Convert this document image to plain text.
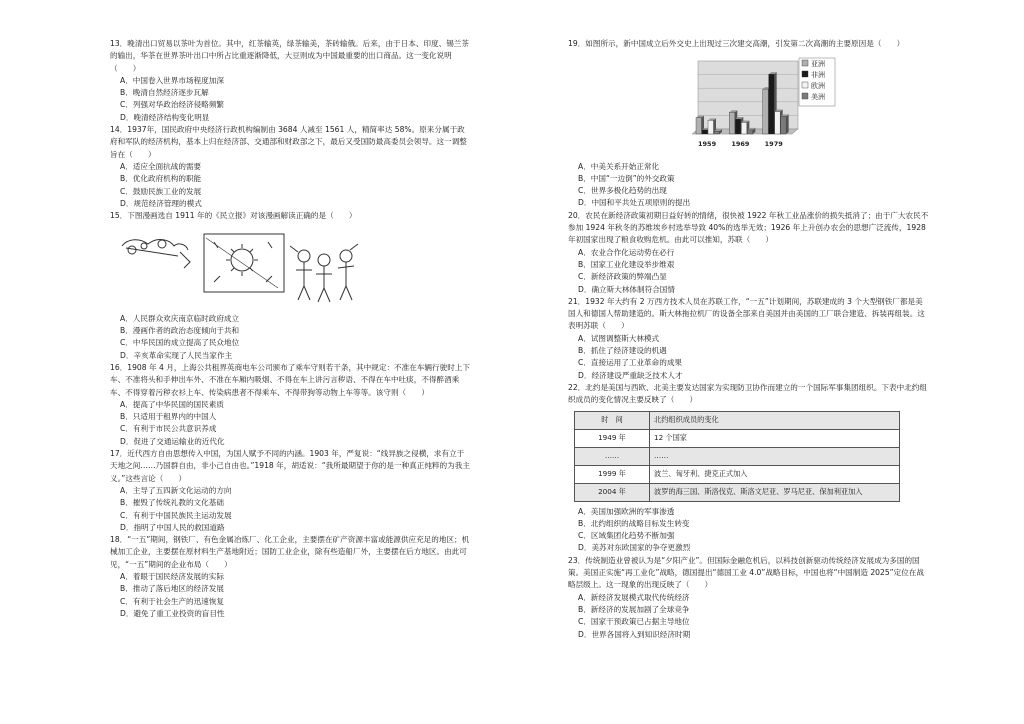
13．晚清出口贸易以茶叶为首位。其中，红茶输英，绿茶输美，茶砖输俄。后来，由于日本、印度、锡兰茶的输出，华茶在世界茶叶出口中所占比重逐渐降低，大豆则成为中国最重要的出口商品。这一变化说明（　　）

A．中国卷入世界市场程度加深

B．晚清自然经济逐步瓦解

C．列强对华政治经济侵略频繁

D．晚清经济结构变化明显

14．1937年，国民政府中央经济行政机构编制由 3684 人减至 1561 人，精简率达 58%。原来分属于政府和军队的经济机构，基本上归在经济部、交通部和财政部之下，最后又受国防最高委员会领导。这一调整旨在（　　）

A．适应全面抗战的需要

B．优化政府机构的职能

C．鼓励民族工业的发展

D．规范经济管理的模式

15．下图漫画选自 1911 年的《民立报》对该漫画解读正确的是（　　）

A．人民群众欢庆南京临时政府成立

B．漫画作者的政治态度倾向于共和

C．中华民国的成立提高了民众地位

D．辛亥革命实现了人民当家作主

16．1908 年 4 月，上海公共租界英商电车公司颁布了乘车守则若干条，其中规定：不准在车辆行驶时上下车、不准将头和手伸出车外、不准在车厢内吸烟、不得在车上讲污言秽语、不得在车中吐痰，不得醉酒乘车、不得穿着污秽衣衫上车、传染病患者不得乘车、不得带狗等动物上车等等。该守则（　　）

A．提高了中华民国的国民素质

B．只适用于租界内的中国人

C．有利于市民公共意识养成

D．促进了交通运输业的近代化

17．近代西方自由思想传入中国，为国人赋予不同的内涵。1903 年，严复说：“线异族之侵横，求有立于天地之间……乃国群自由，非小己自由也。”1918 年，胡适说：“我所最期望于你的是一种真正纯粹的为我主义。”这些言论（　　）

A．主导了五四新文化运动的方向

B．摧毁了传统礼教的文化基础

C．有利于中国民族民主运动发展

D．指明了中国人民的救国道路

18．“一五”期间，钢铁厂、有色金属冶炼厂、化工企业，主要摆在矿产资源丰富或能源供应充足的地区；机械加工企业，主要摆在原材料生产基地附近；国防工业企业，除有些造船厂外，主要摆在后方地区。由此可见，“一五”期间的企业布局（　　）

A．着眼于国民经济发展的实际

B．推动了落后地区的经济发展

C．有利于社会生产的迅速恢复

D．避免了重工业投资的盲目性

19．如图所示，新中国成立后外交史上出现过三次建交高潮，引发第二次高潮的主要原因是（　　）

1959 1969 1979
亚洲
非洲
欧洲
美洲

A．中美关系开始正常化

B．中国“一边倒”的外交政策

C．世界多极化趋势的出现

D．中国和平共处五项原则的提出

20．农民在新经济政策初期日益好转的情绪，很快被 1922 年秋工业品涨价的损失抵消了；由于广大农民不参加 1924 年秋冬的苏维埃乡村选举导致 40%的选举无效；1926 年上升创办农会的思想广泛流传，1928 年初国家出现了粮食收购危机。由此可以推知，苏联（　　）

A．农业合作化运动势在必行

B．国家工业化建设举步维艰

C．新经济政策的弊端凸显

D．确立斯大林体制符合国情

21．1932 年大约有 2 万西方技术人员在苏联工作，“一五”计划期间，苏联建成的 3 个大型钢铁厂都是美国人和德国人帮助建造的。斯大林拖拉机厂的设备全部来自美国并由美国的工厂联合建造、拆装再组装。这表明苏联（　　）

A．试图调整斯大林模式

B．抓住了经济建设的机遇

C．直接运用了工业革命的成果

D．经济建设严重缺乏技术人才

22．北约是美国与西欧、北美主要发达国家为实现防卫协作而建立的一个国际军事集团组织。下表中北约组织成员的变化情况主要反映了（　　）

时　间	北约组织成员的变化
1949 年	12 个国家
……	……
1999 年	波兰、匈牙利、捷克正式加入
2004 年	波罗的海三国、斯洛伐克、斯洛文尼亚、罗马尼亚、保加利亚加入

A．美国加强欧洲的军事渗透

B．北约组织的战略目标发生转变

C．区域集团化趋势不断加强

D．美苏对东欧国家的争夺更激烈

23．传统制造业曾被认为是“夕阳产业”。但国际金融危机后，以科技创新驱动传统经济发展成为多国的国策。美国正实施“再工业化”战略，德国提出“德国工业 4.0”战略目标，中国也将“中国制造 2025”定位在战略层级上。这一现象的出现反映了（　　）

A．新经济发展模式取代传统经济

B．新经济的发展加剧了全球竞争

C．国家干预政策已占据主导地位

D．世界各国将入到知识经济时期
